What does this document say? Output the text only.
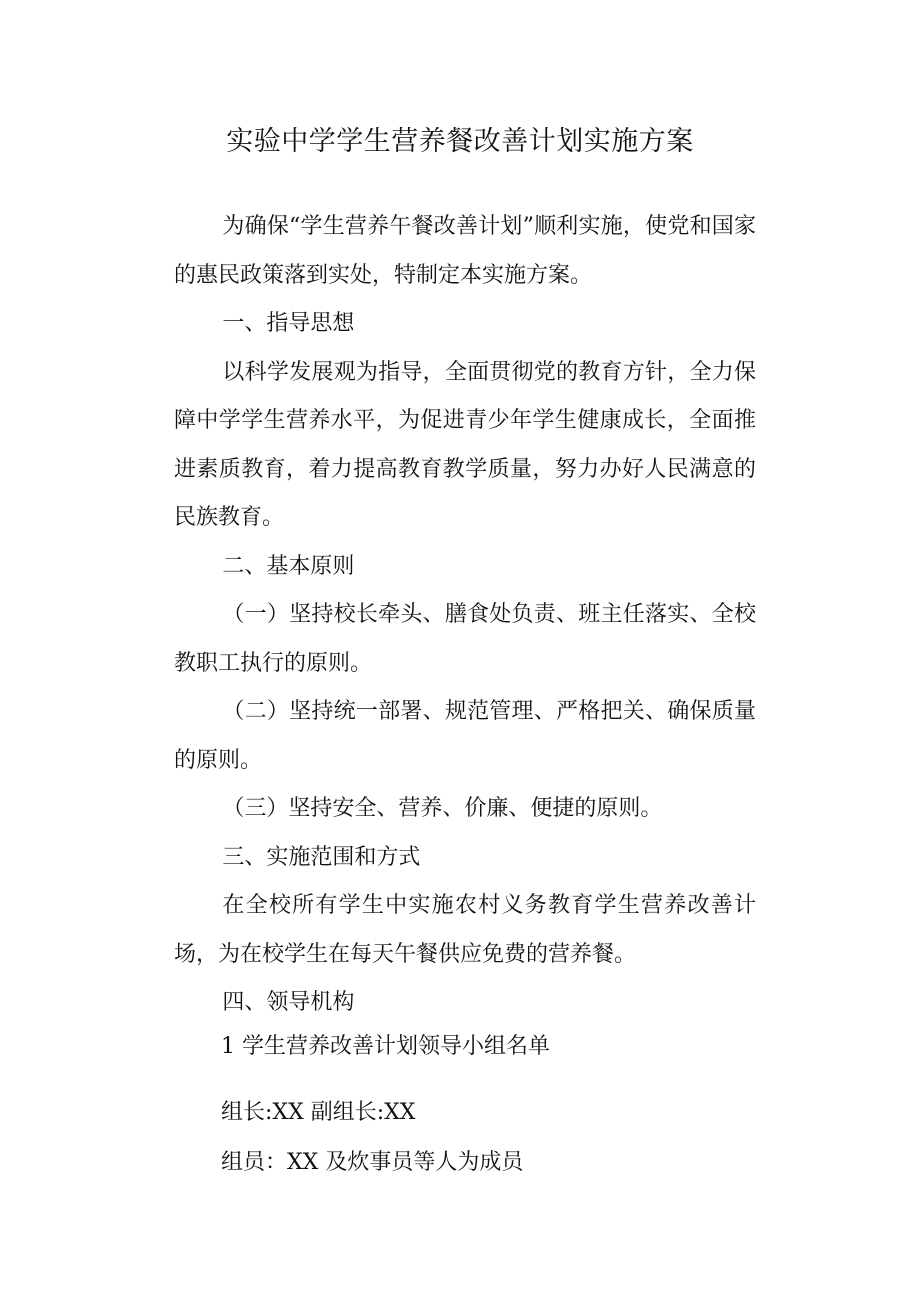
实验中学学生营养餐改善计划实施方案

为确保“学生营养午餐改善计划”顺利实施，使党和国家的惠民政策落到实处，特制定本实施方案。

一、指导思想

以科学发展观为指导，全面贯彻党的教育方针，全力保障中学学生营养水平，为促进青少年学生健康成长，全面推进素质教育，着力提高教育教学质量，努力办好人民满意的民族教育。

二、基本原则

（一）坚持校长牵头、膳食处负责、班主任落实、全校教职工执行的原则。

（二）坚持统一部署、规范管理、严格把关、确保质量的原则。

（三）坚持安全、营养、价廉、便捷的原则。

三、实施范围和方式

在全校所有学生中实施农村义务教育学生营养改善计场，为在校学生在每天午餐供应免费的营养餐。

四、领导机构

1 学生营养改善计划领导小组名单
组长:XX 副组长:XX
组员：XX 及炊事员等人为成员
